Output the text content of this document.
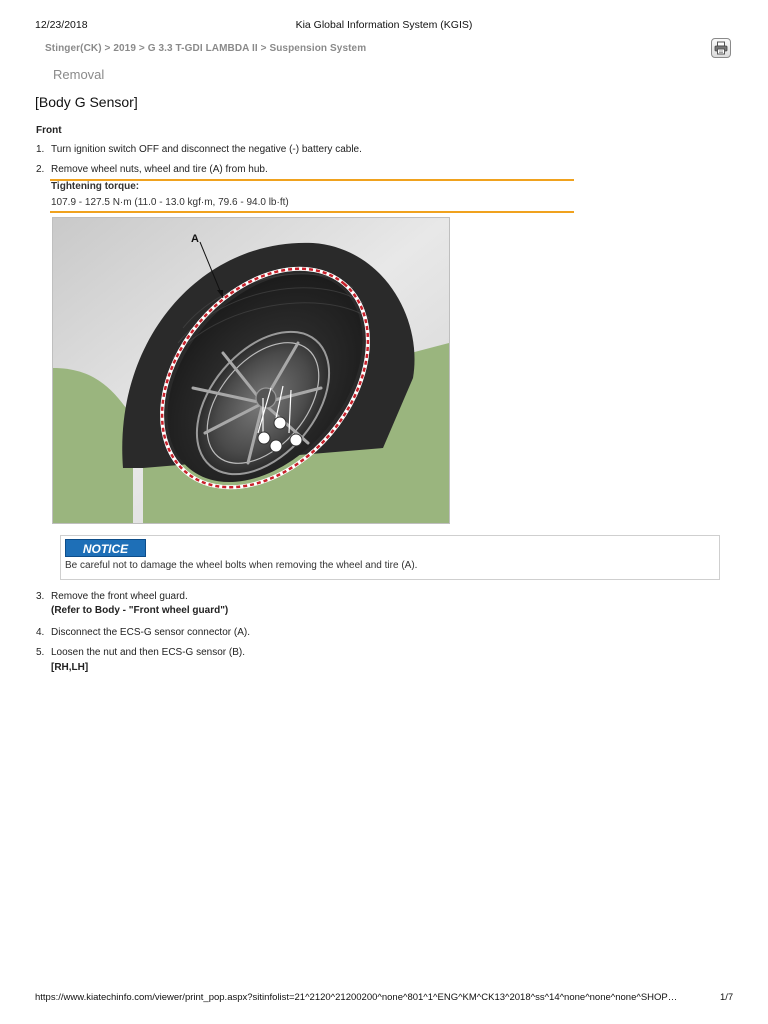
12/23/2018	Kia Global Information System (KGIS)
Stinger(CK) > 2019 > G 3.3 T-GDI LAMBDA II > Suspension System
Removal
[Body G Sensor]
Front
1. Turn ignition switch OFF and disconnect the negative (-) battery cable.
2. Remove wheel nuts, wheel and tire (A) from hub.
Tightening torque:
107.9 - 127.5 N·m (11.0 - 13.0 kgf·m, 79.6 - 94.0 lb·ft)
A
NOTICE
Be careful not to damage the wheel bolts when removing the wheel and tire (A).
3. Remove the front wheel guard.
(Refer to Body - "Front wheel guard")
4. Disconnect the ECS-G sensor connector (A).
5. Loosen the nut and then ECS-G sensor (B).
[RH,LH]
https://www.kiatechinfo.com/viewer/print_pop.aspx?sitinfolist=21^2120^21200200^none^801^1^ENG^KM^CK13^2018^ss^14^none^none^none^SHOP…	1/7
